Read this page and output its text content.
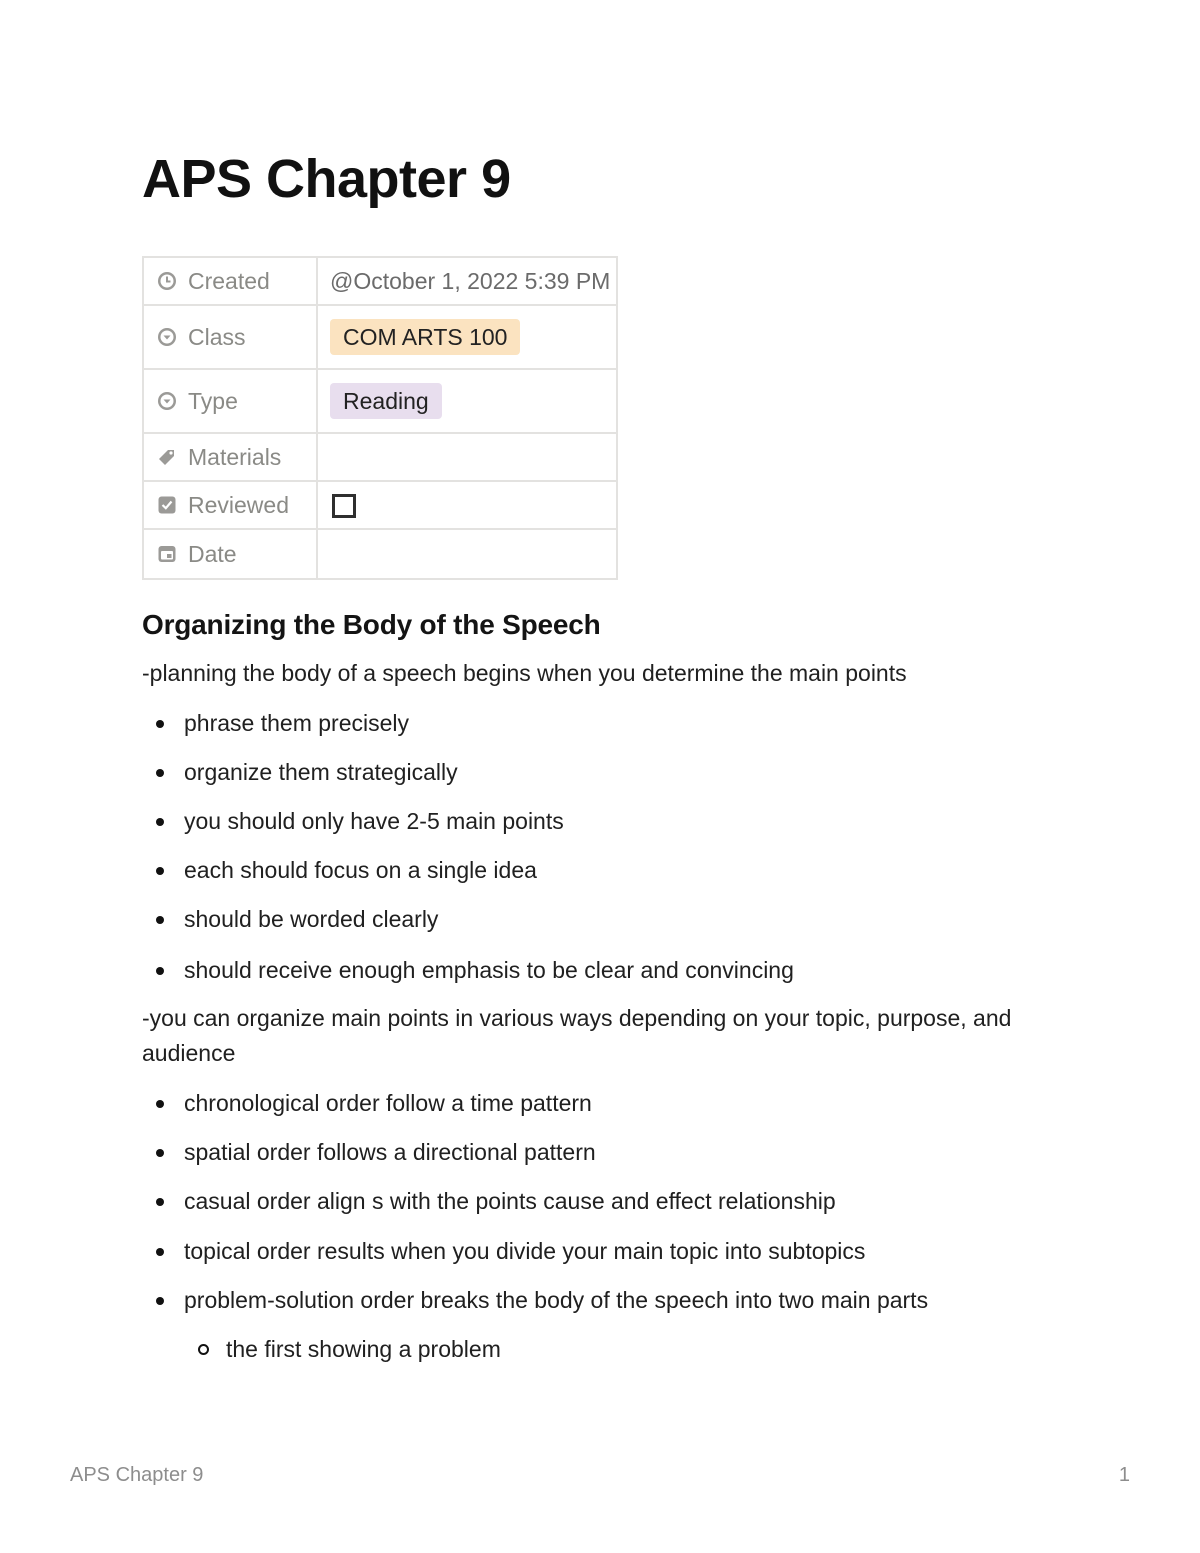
APS Chapter 9
Created	@October 1, 2022 5:39 PM

Class	COM ARTS 100

Type	Reading

Materials	

Reviewed	

Date	

Organizing the Body of the Speech

-planning the body of a speech begins when you determine the main points

phrase them precisely
organize them strategically
you should only have 2-5 main points
each should focus on a single idea
should be worded clearly
should receive enough emphasis to be clear and convincing

-you can organize main points in various ways depending on your topic, purpose, and audience

chronological order follow a time pattern
spatial order follows a directional pattern
casual order align s with the points cause and effect relationship
topical order results when you divide your main topic into subtopics
problem-solution order breaks the body of the speech into two main parts
the first showing a problem
APS Chapter 9	1
